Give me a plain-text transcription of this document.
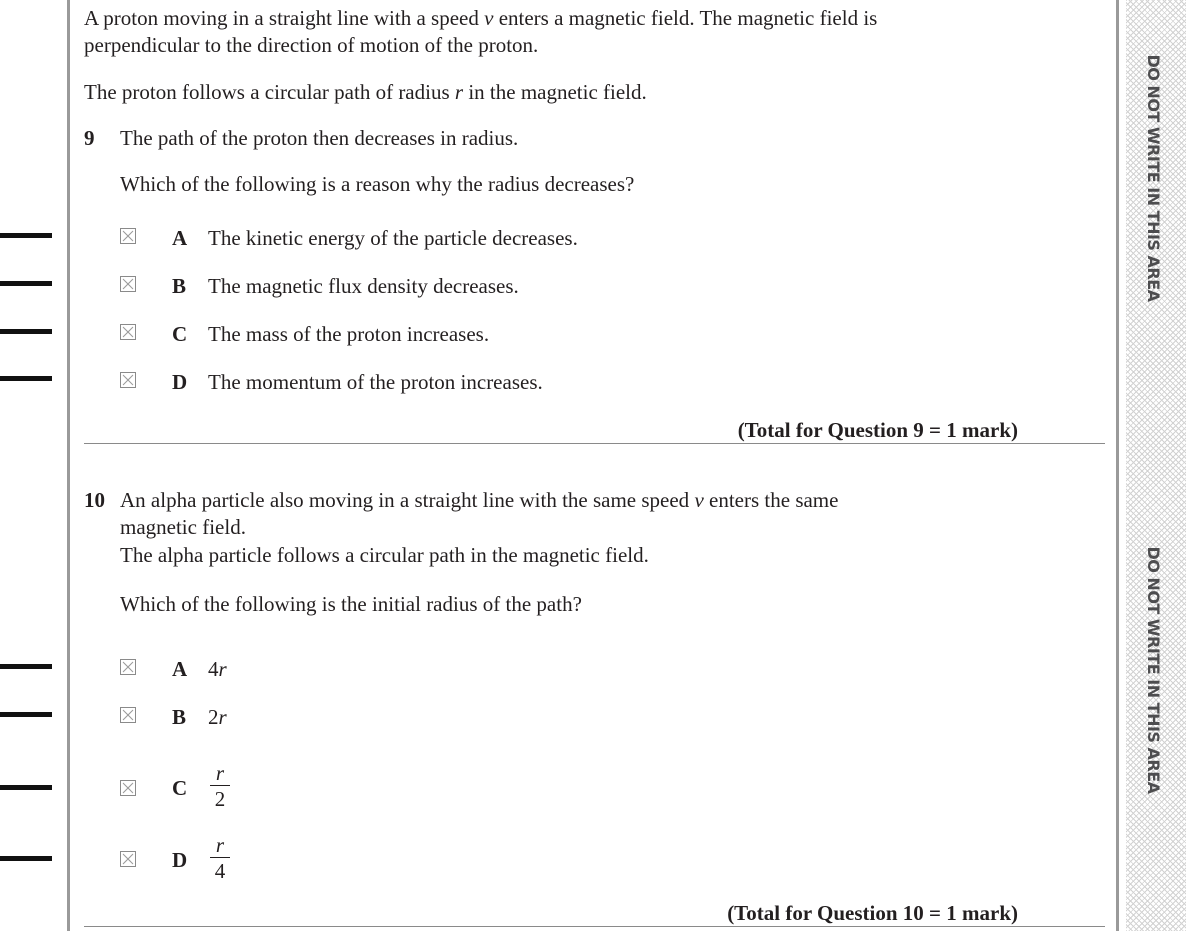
DO NOT WRITE IN THIS AREA
DO NOT WRITE IN THIS AREA
A proton moving in a straight line with a speed v enters a magnetic field. The magnetic field is
perpendicular to the direction of motion of the proton.
The proton follows a circular path of radius r in the magnetic field.
9 The path of the proton then decreases in radius.
Which of the following is a reason why the radius decreases?
A The kinetic energy of the particle decreases.
B The magnetic flux density decreases.
C The mass of the proton increases.
D The momentum of the proton increases.
(Total for Question 9 = 1 mark)
10 An alpha particle also moving in a straight line with the same speed v enters the same
magnetic field.
The alpha particle follows a circular path in the magnetic field.
Which of the following is the initial radius of the path?
A 4r
B 2r
C
r
2
D
r
4
(Total for Question 10 = 1 mark)
